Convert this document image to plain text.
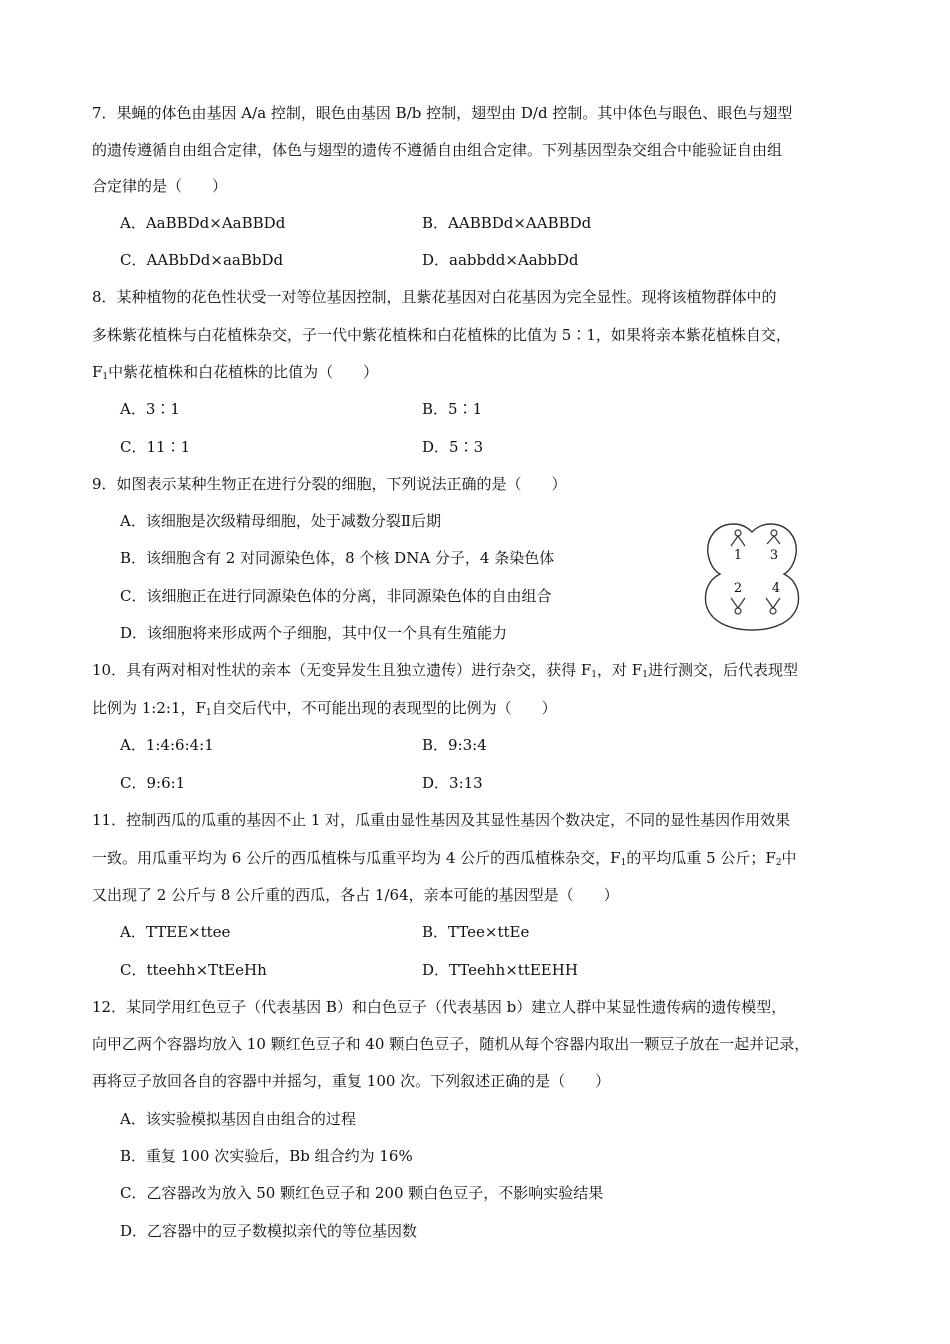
7．果蝇的体色由基因 A/a 控制，眼色由基因 B/b 控制，翅型由 D/d 控制。其中体色与眼色、眼色与翅型
的遗传遵循自由组合定律，体色与翅型的遗传不遵循自由组合定律。下列基因型杂交组合中能验证自由组
合定律的是（　　）
A．AaBBDd×AaBBDd	B．AABBDd×AABBDd
C．AABbDd×aaBbDd	D．aabbdd×AabbDd
8．某种植物的花色性状受一对等位基因控制，且紫花基因对白花基因为完全显性。现将该植物群体中的
多株紫花植株与白花植株杂交，子一代中紫花植株和白花植株的比值为 5∶1，如果将亲本紫花植株自交，
$F_1$中紫花植株和白花植株的比值为（　　）
A．3∶1	B．5∶1
C．11∶1	D．5∶3
9．如图表示某种生物正在进行分裂的细胞，下列说法正确的是（　　）
A．该细胞是次级精母细胞，处于减数分裂Ⅱ后期
B．该细胞含有 2 对同源染色体，8 个核 DNA 分子，4 条染色体
C．该细胞正在进行同源染色体的分离，非同源染色体的自由组合
D．该细胞将来形成两个子细胞，其中仅一个具有生殖能力
1 3
2 4
10．具有两对相对性状的亲本（无变异发生且独立遗传）进行杂交，获得 $F_1$，对 $F_1$进行测交，后代表现型
比例为 1:2:1，$F_1$自交后代中，不可能出现的表现型的比例为（　　）
A．1:4:6:4:1	B．9:3:4
C．9:6:1	D．3:13
11．控制西瓜的瓜重的基因不止 1 对，瓜重由显性基因及其显性基因个数决定，不同的显性基因作用效果
一致。用瓜重平均为 6 公斤的西瓜植株与瓜重平均为 4 公斤的西瓜植株杂交，$F_1$的平均瓜重 5 公斤；$F_2$中
又出现了 2 公斤与 8 公斤重的西瓜，各占 1/64，亲本可能的基因型是（　　）
A．TTEE×ttee	B．TTee×ttEe
C．tteehh×TtEeHh	D．TTeehh×ttEEHH
12．某同学用红色豆子（代表基因 B）和白色豆子（代表基因 b）建立人群中某显性遗传病的遗传模型，
向甲乙两个容器均放入 10 颗红色豆子和 40 颗白色豆子，随机从每个容器内取出一颗豆子放在一起并记录，
再将豆子放回各自的容器中并摇匀，重复 100 次。下列叙述正确的是（　　）
A．该实验模拟基因自由组合的过程
B．重复 100 次实验后，Bb 组合约为 16%
C．乙容器改为放入 50 颗红色豆子和 200 颗白色豆子，不影响实验结果
D．乙容器中的豆子数模拟亲代的等位基因数
